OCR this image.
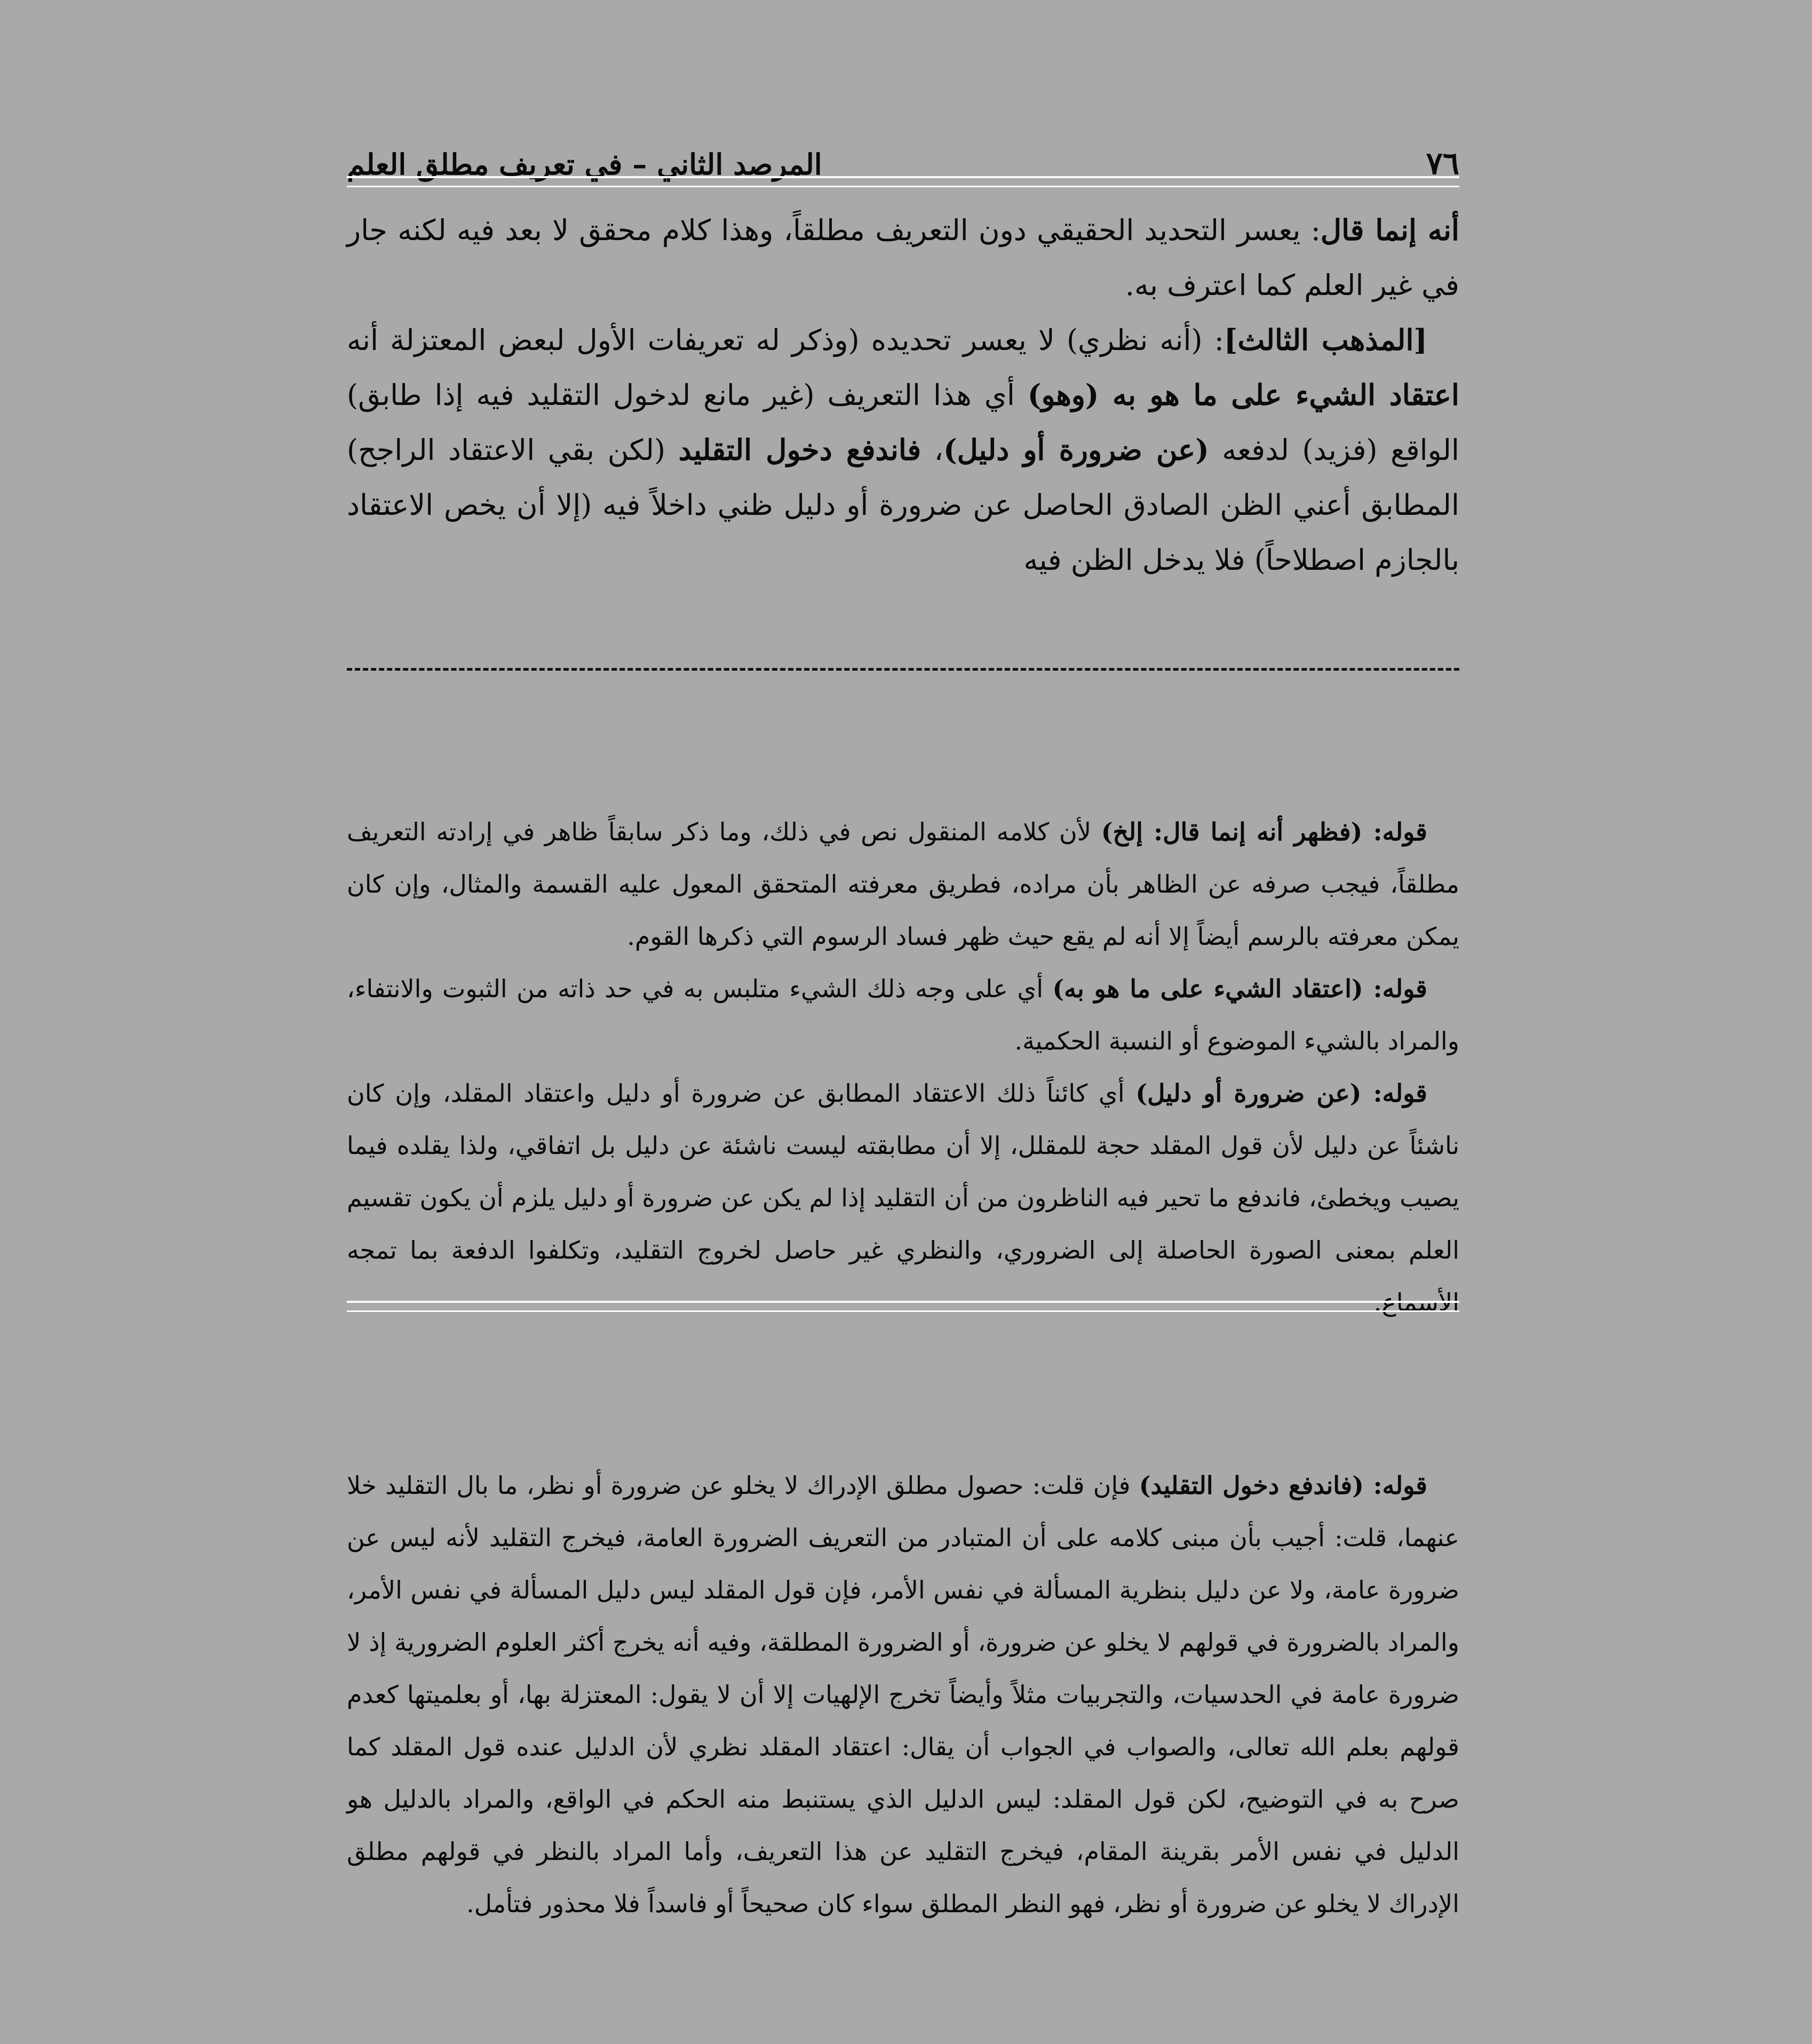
٧٦
المرصد الثاني – في تعريف مطلق العلم

أنه إنما قال: يعسر التحديد الحقيقي دون التعريف مطلقاً، وهذا كلام محقق لا بعد فيه لكنه جار في غير العلم كما اعترف به.

[المذهب الثالث]: (أنه نظري) لا يعسر تحديده (وذكر له تعريفات الأول لبعض المعتزلة أنه اعتقاد الشيء على ما هو به (وهو) أي هذا التعريف (غير مانع لدخول التقليد فيه إذا طابق) الواقع (فزيد) لدفعه (عن ضرورة أو دليل)، فاندفع دخول التقليد (لكن بقي الاعتقاد الراجح) المطابق أعني الظن الصادق الحاصل عن ضرورة أو دليل ظني داخلاً فيه (إلا أن يخص الاعتقاد بالجازم اصطلاحاً) فلا يدخل الظن فيه

قوله: (فظهر أنه إنما قال: إلخ) لأن كلامه المنقول نص في ذلك، وما ذكر سابقاً ظاهر في إرادته التعريف مطلقاً، فيجب صرفه عن الظاهر بأن مراده، فطريق معرفته المتحقق المعول عليه القسمة والمثال، وإن كان يمكن معرفته بالرسم أيضاً إلا أنه لم يقع حيث ظهر فساد الرسوم التي ذكرها القوم.

قوله: (اعتقاد الشيء على ما هو به) أي على وجه ذلك الشيء متلبس به في حد ذاته من الثبوت والانتفاء، والمراد بالشيء الموضوع أو النسبة الحكمية.

قوله: (عن ضرورة أو دليل) أي كائناً ذلك الاعتقاد المطابق عن ضرورة أو دليل واعتقاد المقلد، وإن كان ناشئاً عن دليل لأن قول المقلد حجة للمقلل، إلا أن مطابقته ليست ناشئة عن دليل بل اتفاقي، ولذا يقلده فيما يصيب ويخطئ، فاندفع ما تحير فيه الناظرون من أن التقليد إذا لم يكن عن ضرورة أو دليل يلزم أن يكون تقسيم العلم بمعنى الصورة الحاصلة إلى الضروري، والنظري غير حاصل لخروج التقليد، وتكلفوا الدفعة بما تمجه الأسماع.

قوله: (فاندفع دخول التقليد) فإن قلت: حصول مطلق الإدراك لا يخلو عن ضرورة أو نظر، ما بال التقليد خلا عنهما، قلت: أجيب بأن مبنى كلامه على أن المتبادر من التعريف الضرورة العامة، فيخرج التقليد لأنه ليس عن ضرورة عامة، ولا عن دليل بنظرية المسألة في نفس الأمر، فإن قول المقلد ليس دليل المسألة في نفس الأمر، والمراد بالضرورة في قولهم لا يخلو عن ضرورة، أو الضرورة المطلقة، وفيه أنه يخرج أكثر العلوم الضرورية إذ لا ضرورة عامة في الحدسيات، والتجربيات مثلاً وأيضاً تخرج الإلهيات إلا أن لا يقول: المعتزلة بها، أو بعلميتها كعدم قولهم بعلم الله تعالى، والصواب في الجواب أن يقال: اعتقاد المقلد نظري لأن الدليل عنده قول المقلد كما صرح به في التوضيح، لكن قول المقلد: ليس الدليل الذي يستنبط منه الحكم في الواقع، والمراد بالدليل هو الدليل في نفس الأمر بقرينة المقام، فيخرج التقليد عن هذا التعريف، وأما المراد بالنظر في قولهم مطلق الإدراك لا يخلو عن ضرورة أو نظر، فهو النظر المطلق سواء كان صحيحاً أو فاسداً فلا محذور فتأمل.
